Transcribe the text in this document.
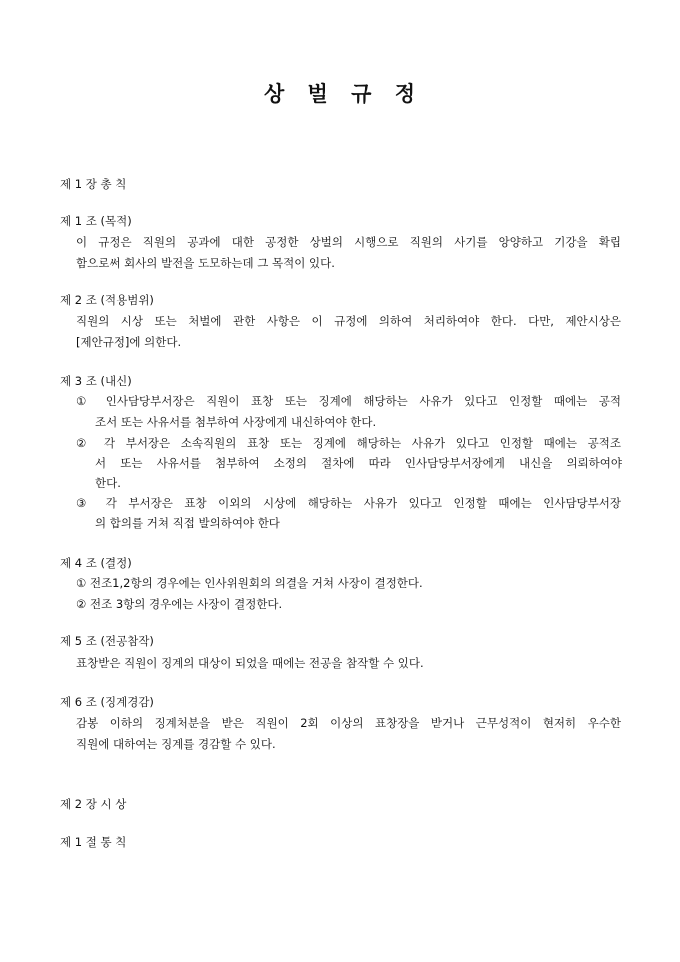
상 벌 규 정
제 1 장 총 칙
제 1 조 (목적)
이 규정은 직원의 공과에 대한 공정한 상벌의 시행으로 직원의 사기를 앙양하고 기강을 확립
함으로써 회사의 발전을 도모하는데 그 목적이 있다.
제 2 조 (적용범위)
직원의 시상 또는 처벌에 관한 사항은 이 규정에 의하여 처리하여야 한다. 다만, 제안시상은
[제안규정]에 의한다.
제 3 조 (내신)
① 인사담당부서장은 직원이 표창 또는 징계에 해당하는 사유가 있다고 인정할 때에는 공적
조서 또는 사유서를 첨부하여 사장에게 내신하여야 한다.
② 각 부서장은 소속직원의 표창 또는 징계에 해당하는 사유가 있다고 인정할 때에는 공적조
서 또는 사유서를 첨부하여 소정의 절차에 따라 인사담당부서장에게 내신을 의뢰하여야
한다.
③ 각 부서장은 표창 이외의 시상에 해당하는 사유가 있다고 인정할 때에는 인사담당부서장
의 합의를 거쳐 직접 발의하여야 한다
제 4 조 (결정)
① 전조1,2항의 경우에는 인사위원회의 의결을 거쳐 사장이 결정한다.
② 전조 3항의 경우에는 사장이 결정한다.
제 5 조 (전공참작)
표창받은 직원이 징계의 대상이 되었을 때에는 전공을 참작할 수 있다.
제 6 조 (징계경감)
감봉 이하의 징계처분을 받은 직원이 2회 이상의 표창장을 받거나 근무성적이 현저히 우수한
직원에 대하여는 징계를 경감할 수 있다.
제 2 장 시 상
제 1 절 통 칙
